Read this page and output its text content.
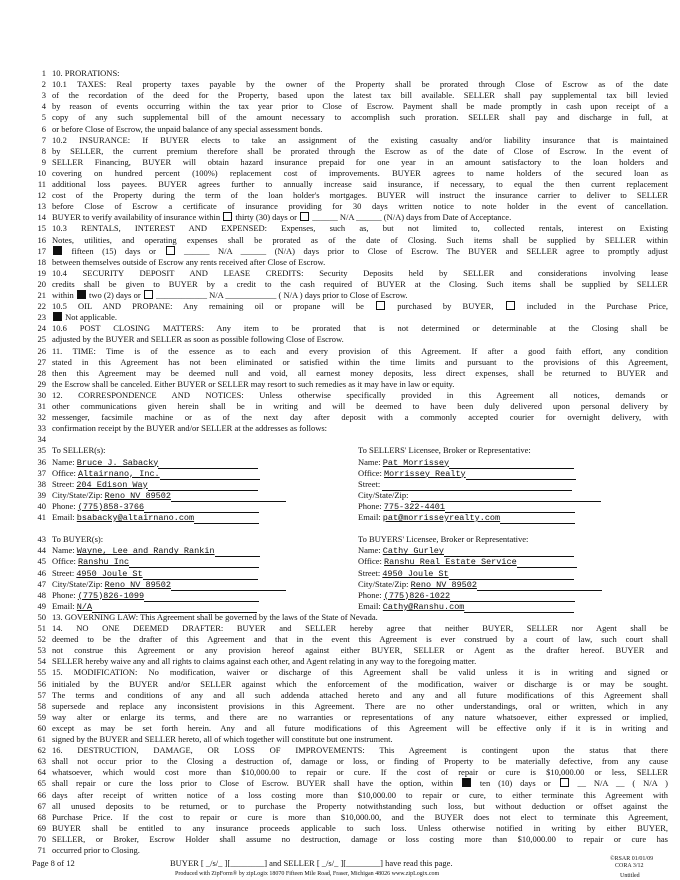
1 10. PRORATIONS:
2 10.1 TAXES: Real property taxes payable by the owner of the Property shall be prorated through Close of Escrow as of the date
3 of the recordation of the deed for the Property, based upon the latest tax bill available. SELLER shall pay supplemental tax bill levied
4 by reason of events occurring within the tax year prior to Close of Escrow. Payment shall be made promptly in cash upon receipt of a
5 copy of any such supplemental bill of the amount necessary to accomplish such proration. SELLER shall pay and discharge in full, at
6 or before Close of Escrow, the unpaid balance of any special assessment bonds.
7 10.2 INSURANCE: If BUYER elects to take an assignment of the existing casualty and/or liability insurance that is maintained
8 by SELLER, the current premium therefore shall be prorated through the Escrow as of the date of Close of Escrow. In the event of
9 SELLER Financing, BUYER will obtain hazard insurance prepaid for one year in an amount satisfactory to the loan holders and
10 covering on hundred percent (100%) replacement cost of improvements. BUYER agrees to name holders of the secured loan as
11 additional loss payees. BUYER agrees further to annually increase said insurance, if necessary, to equal the then current replacement
12 cost of the Property during the term of the loan holder's mortgages. BUYER will instruct the insurance carrier to deliver to SELLER
13 before Close of Escrow a certificate of insurance providing for 30 days written notice to note holder in the event of cancellation.
14 BUYER to verify availability of insurance within  thirty (30) days or  ______ N/A ______ (N/A) days from Date of Acceptance.
15 10.3 RENTALS, INTEREST AND EXPENSED: Expenses, such as, but not limited to, collected rentals, interest on Existing
16 Notes, utilities, and operating expenses shall be prorated as of the date of Closing. Such items shall be supplied by SELLER within
17	fifteen (15) days or  ______ N/A ______ (N/A) days prior to Close of Escrow. The BUYER and SELLER agree to promptly adjust
18 between themselves outside of Escrow any rents received after Close of Escrow.
19 10.4 SECURITY DEPOSIT AND LEASE CREDITS: Security Deposits held by SELLER and considerations involving lease
20 credits shall be given to BUYER by a credit to the cash required of BUYER at the Closing. Such items shall be supplied by SELLER
21 within  two (2) days or  ____________ N/A ____________ ( N/A ) days prior to Close of Escrow.
22 10.5 OIL AND PROPANE: Any remaining oil or propane will be  purchased by BUYER,  included in the Purchase Price,
23	Not applicable.
24 10.6 POST CLOSING MATTERS: Any item to be prorated that is not determined or determinable at the Closing shall be
25 adjusted by the BUYER and SELLER as soon as possible following Close of Escrow.
26 11. TIME: Time is of the essence as to each and every provision of this Agreement. If after a good faith effort, any condition
27 stated in this Agreement has not been eliminated or satisfied within the time limits and pursuant to the provisions of this Agreement,
28 then this Agreement may be deemed null and void, all earnest money deposits, less direct expenses, shall be returned to BUYER and
29 the Escrow shall be canceled. Either BUYER or SELLER may resort to such remedies as it may have in law or equity.
30 12. CORRESPONDENCE AND NOTICES: Unless otherwise specifically provided in this Agreement all notices, demands or
31 other communications given herein shall be in writing and will be deemed to have been duly delivered upon personal delivery by
32 messenger, facsimile machine or as of the next day after deposit with a commonly accepted courier for overnight delivery, with
33 confirmation receipt by the BUYER and/or SELLER at the addresses as follows:
34
35 To SELLER(s):	To SELLERS' Licensee, Broker or Representative:
36 Name: Bruce J. Sabacky	Name: Pat Morrissey
37 Office: Altairnano, Inc.	Office: Morrissey Realty
38 Street: 204 Edison Way	Street:
39 City/State/Zip: Reno NV 89502	City/State/Zip:
40 Phone: (775)858-3766	Phone: 775-322-4401
41 Email: bsabacky@altairnano.com	Email: pat@morrisseyrealty.com
43 To BUYER(s):	To BUYERS' Licensee, Broker or Representative:
44 Name: Wayne, Lee and Randy Rankin	Name: Cathy Gurley
45 Office: Ranshu Inc	Office: Ranshu Real Estate Service
46 Street: 4950 Joule St	Street: 4950 Joule St
47 City/State/Zip: Reno NV 89502	City/State/Zip: Reno NV 89502
48 Phone: (775)826-1099	Phone: (775)826-1022
49 Email: N/A	Email: Cathy@Ranshu.com
50 13. GOVERNING LAW: This Agreement shall be governed by the laws of the State of Nevada.
51 14. NO ONE DEEMED DRAFTER: BUYER and SELLER hereby agree that neither BUYER, SELLER nor Agent shall be
52 deemed to be the drafter of this Agreement and that in the event this Agreement is ever construed by a court of law, such court shall
53 not construe this Agreement or any provision hereof against either BUYER, SELLER or Agent as the drafter hereof. BUYER and
54 SELLER hereby waive any and all rights to claims against each other, and Agent relating in any way to the foregoing matter.
55 15. MODIFICATION: No modification, waiver or discharge of this Agreement shall be valid unless it is in writing and signed or
56 initialed by the BUYER and/or SELLER against which the enforcement of the modification, waiver or discharge is or may be sought.
57 The terms and conditions of any and all such addenda attached hereto and any and all future modifications of this Agreement shall
58 supersede and replace any inconsistent provisions in this Agreement. There are no other understandings, oral or written, which in any
59 way alter or enlarge its terms, and there are no warranties or representations of any nature whatsoever, either expressed or implied,
60 except as may be set forth herein. Any and all future modifications of this Agreement will be effective only if it is in writing and
61 signed by the BUYER and SELLER hereto, all of which together will constitute but one instrument.
62 16. DESTRUCTION, DAMAGE, OR LOSS OF IMPROVEMENTS: This Agreement is contingent upon the status that there
63 shall not occur prior to the Closing a destruction of, damage or loss, or finding of Property to be materially defective, from any cause
64 whatsoever, which would cost more than $10,000.00 to repair or cure. If the cost of repair or cure is $10,000.00 or less, SELLER
65 shall repair or cure the loss prior to Close of Escrow. BUYER shall have the option, within  ten (10) days or  __ N/A __ ( N/A )
66 days after receipt of written notice of a loss costing more than $10,000.00 to repair or cure, to either terminate this Agreement with
67 all unused deposits to be returned, or to purchase the Property notwithstanding such loss, but without deduction or offset against the
68 Purchase Price. If the cost to repair or cure is more than $10,000.00, and the BUYER does not elect to terminate this Agreement,
69 BUYER shall be entitled to any insurance proceeds applicable to such loss. Unless otherwise notified in writing by either BUYER,
70 SELLER, or Broker, Escrow Holder shall assume no destruction, damage or loss costing more than $10,000.00 to repair or cure has
71 occurred prior to Closing.
Page 8 of 12	BUYER [ _/s/_ ][________] and SELLER [ _/s/_ ][________] have read this page.	©RSAR 01/01/09
CORA 3/12
Produced with ZipForm® by zipLogix 18070 Fifteen Mile Road, Fraser, Michigan 48026 www.zipLogix.com	Untitled
